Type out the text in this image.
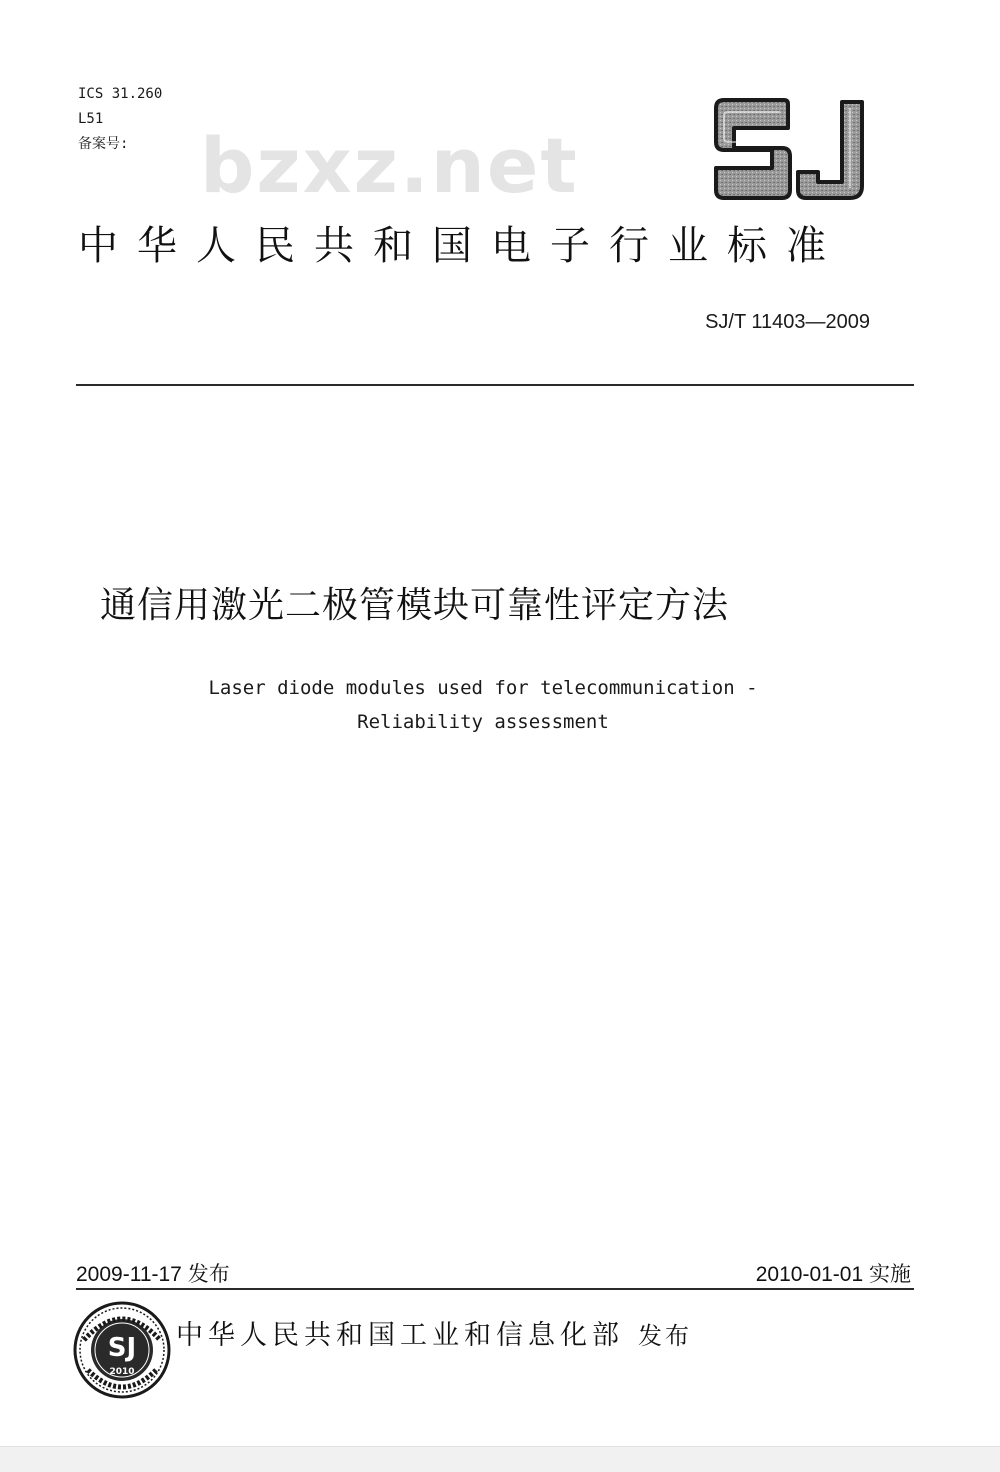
ICS 31.260
L51
备案号: bzxz.net
中华人民共和国电子行业标准
SJ/T 11403—2009
通信用激光二极管模块可靠性评定方法
Laser diode modules used for telecommunication -
Reliability assessment
2009-11-17 发布	2010-01-01 实施
SJ
2010
中华人民共和国工业和信息化部 发布
